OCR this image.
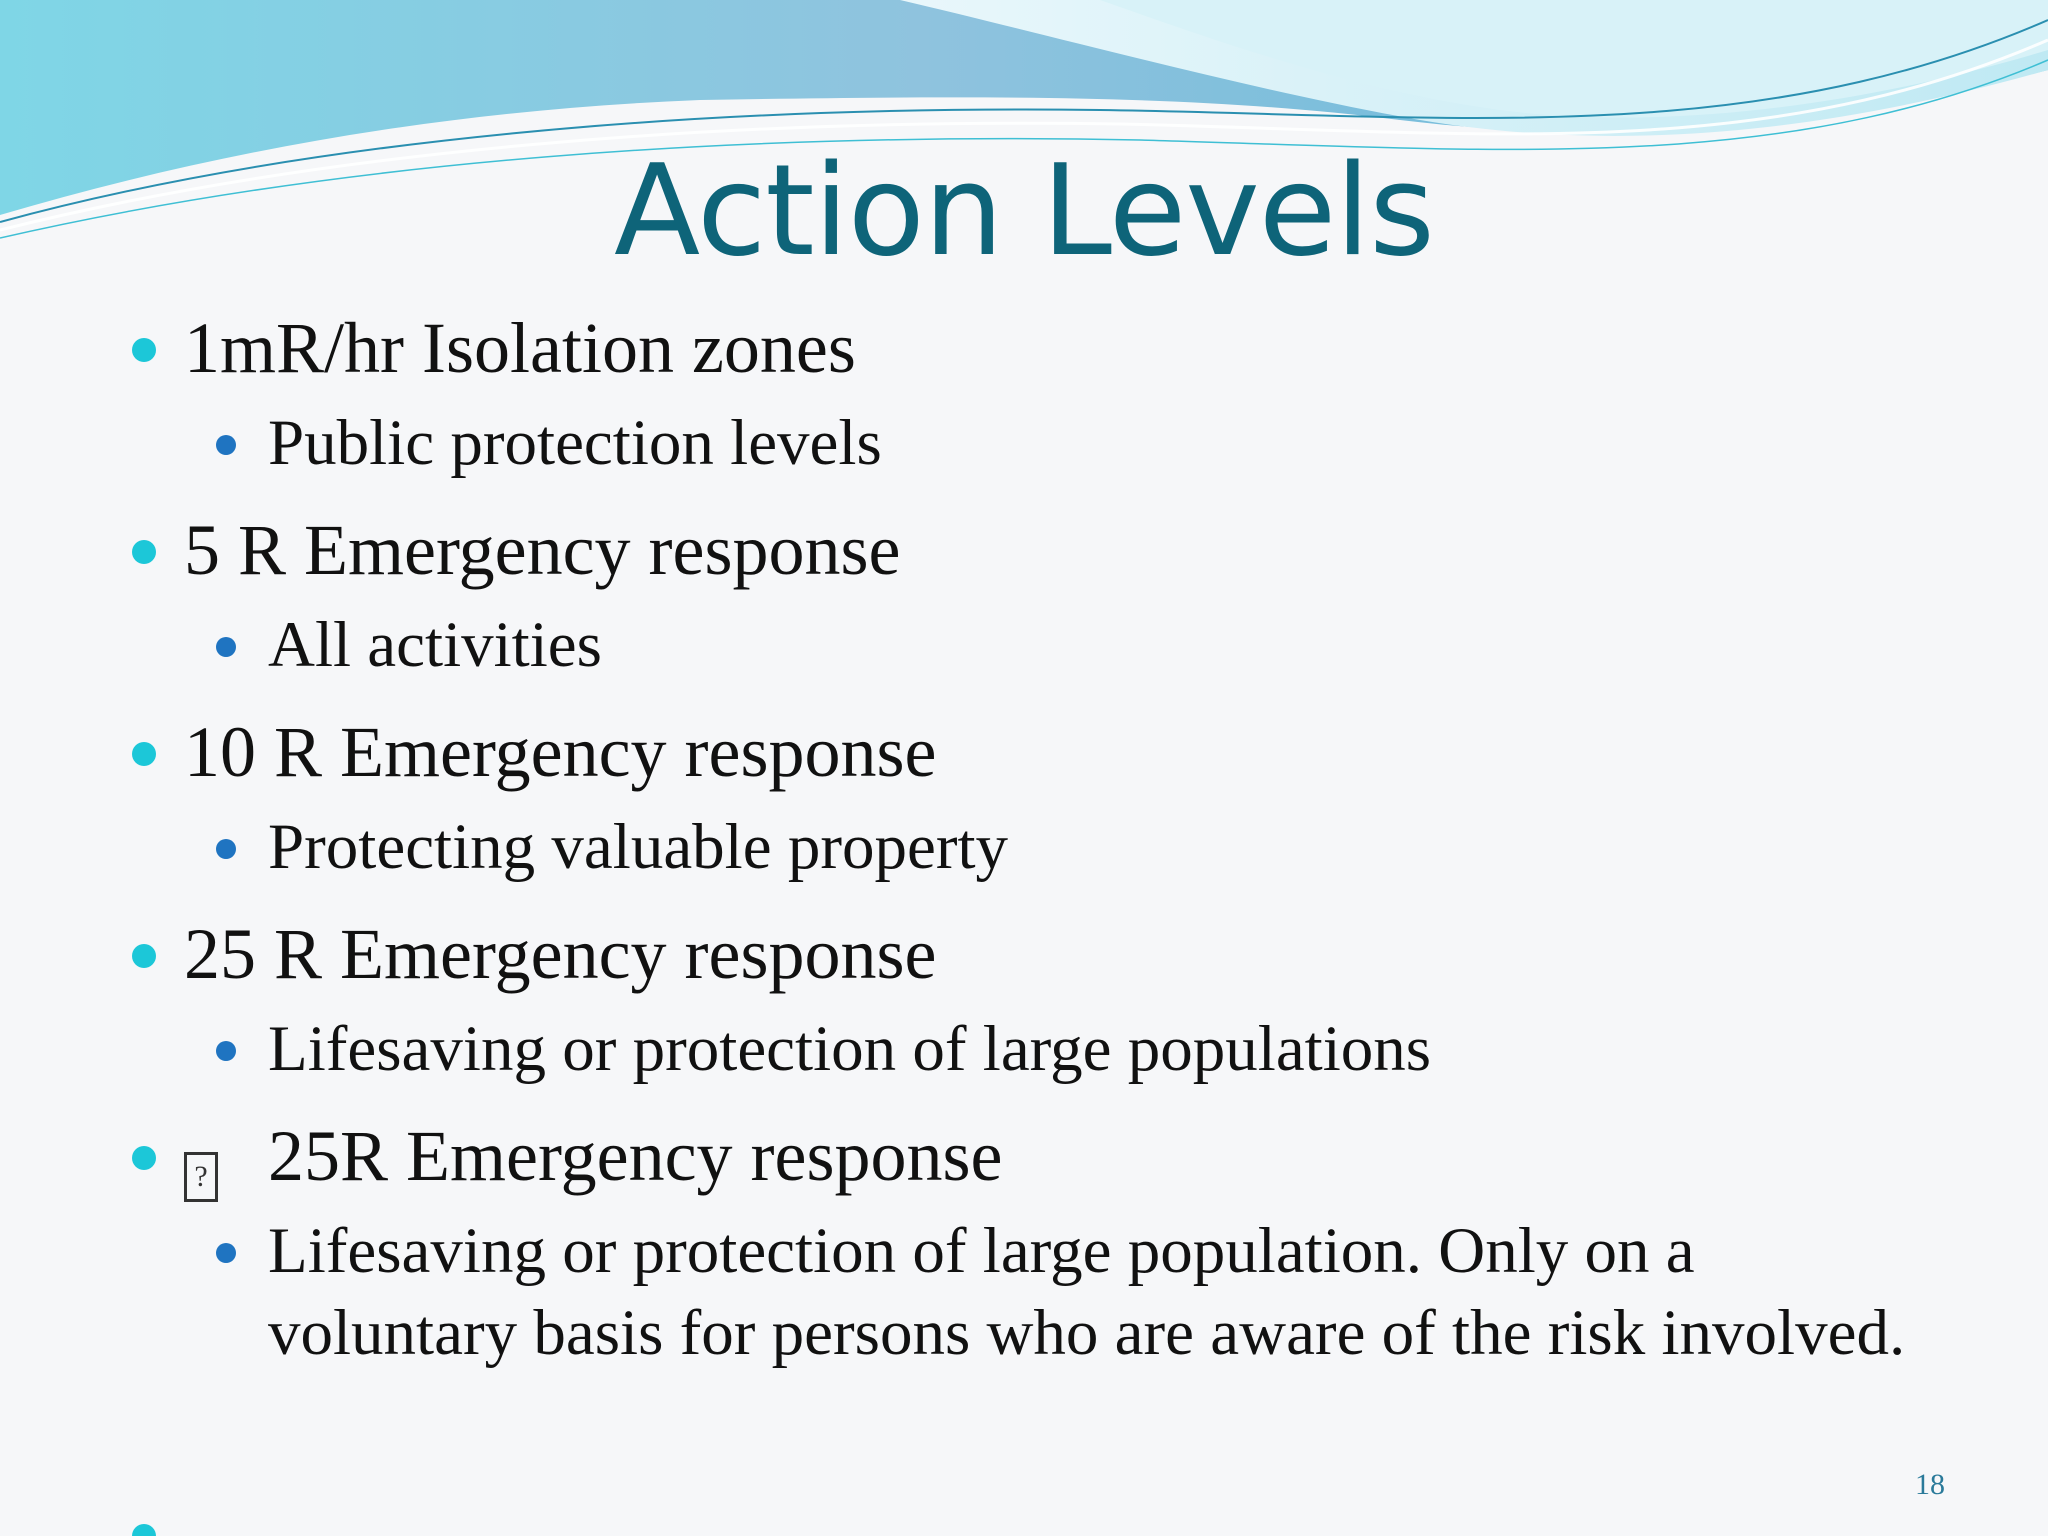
Action Levels
1mR/hr Isolation zones
Public protection levels
5 R Emergency response
All activities
10 R Emergency response
Protecting valuable property
25 R Emergency response
Lifesaving or protection of large populations
? 25R Emergency response
Lifesaving or protection of large population. Only on a voluntary basis for persons who are aware of the risk involved.
18
